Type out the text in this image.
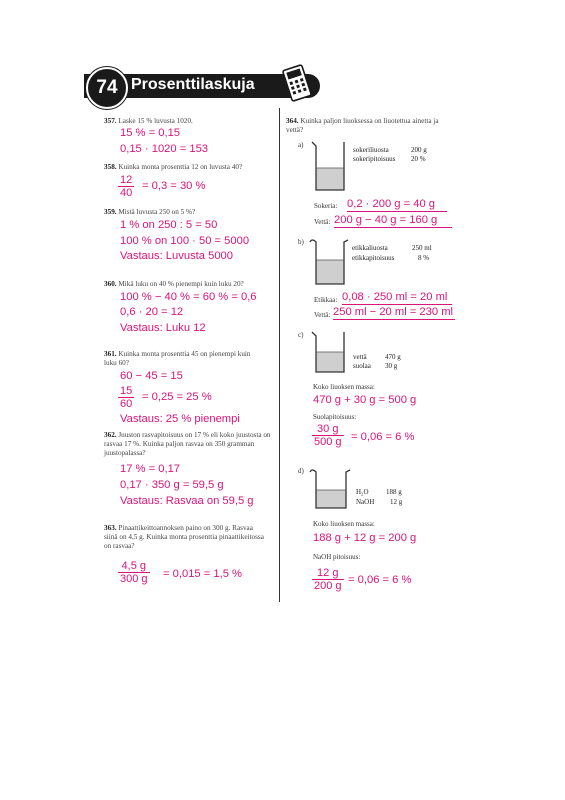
74 Prosenttilaskuja
357. Laske 15 % luvusta 1020.
15 % = 0,15
0,15 · 1020 = 153
358. Kuinka monta prosenttia 12 on luvusta 40?
$\frac{12}{40} = 0,3 = 30$ %
359. Mistä luvusta 250 on 5 %?
1 % on 250 : 5 = 50
100 % on 100 · 50 = 5000
Vastaus: Luvusta 5000
360. Mikä luku on 40 % pienempi kuin luku 20?
100 % − 40 % = 60 % = 0,6
0,6 · 20 = 12
Vastaus: Luku 12
361. Kuinka monta prosenttia 45 on pienempi kuin luku 60?
60 − 45 = 15
$\frac{15}{60} = 0,25 = 25$ %
Vastaus: 25 % pienempi
362. Juuston rasvapitoisuus on 17 % eli koko juustosta on rasvaa 17 %. Kuinka paljon rasvaa on 350 gramman juustopalassa?
17 % = 0,17
0,17 · 350 g = 59,5 g
Vastaus: Rasvaa on 59,5 g
363. Pinaattikeittoannoksen paino on 300 g. Rasvaa siinä on 4,5 g. Kuinka monta prosenttia pinaattikeitossa on rasvaa?
$\frac{4,5 g}{300 g} = 0,015 = 1,5$ %
364. Kuinka paljon liuoksessa on liuotettua ainetta ja vettä?
a)
sokeriliuosta	200 g
sokeripitoisuus 20 %
Sokeria: 0,2 · 200 g = 40 g
Vettä: 200 g − 40 g = 160 g
b)
etikkaliuosta	250 ml
etikkapitoisuus	8 %
Etikkaa: 0,08 · 250 ml = 20 ml
Vettä: 250 ml − 20 ml = 230 ml
c)
vettä	470 g
suolaa 30 g
Koko liuoksen massa:
470 g + 30 g = 500 g
Suolapitoisuus:
$\frac{30 g}{500 g} = 0,06 = 6$ %
d)
H₂O 188 g
NaOH 12 g
Koko liuoksen massa:
188 g + 12 g = 200 g
NaOH pitoisuus:
$\frac{12 g}{200 g} = 0,06 = 6$ %
